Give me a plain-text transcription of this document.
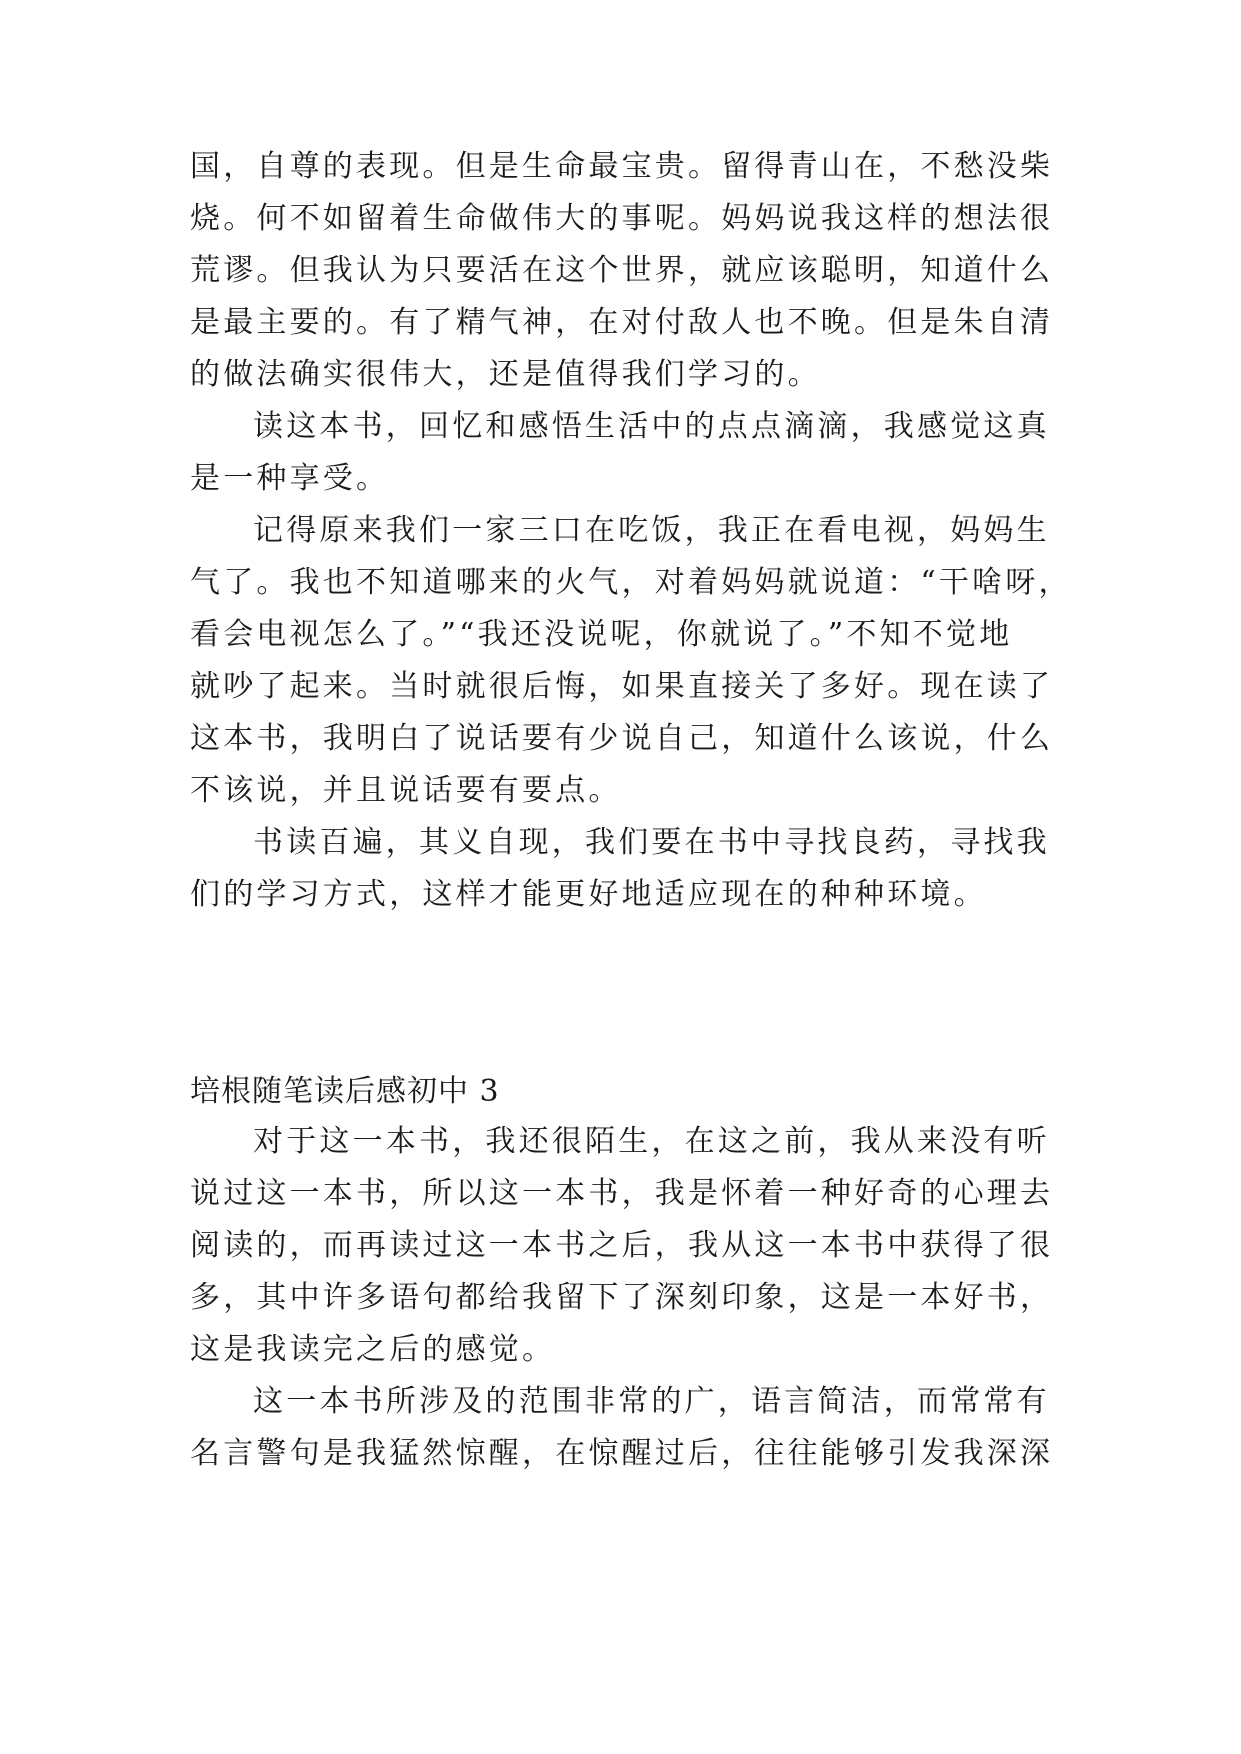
国，自尊的表现。但是生命最宝贵。留得青山在，不愁没柴
烧。何不如留着生命做伟大的事呢。妈妈说我这样的想法很
荒谬。但我认为只要活在这个世界，就应该聪明，知道什么
是最主要的。有了精气神，在对付敌人也不晚。但是朱自清
的做法确实很伟大，还是值得我们学习的。
读这本书，回忆和感悟生活中的点点滴滴，我感觉这真
是一种享受。
记得原来我们一家三口在吃饭，我正在看电视，妈妈生
气了。我也不知道哪来的火气，对着妈妈就说道：“干啥呀，
看会电视怎么了。”“我还没说呢，你就说了。”不知不觉地
就吵了起来。当时就很后悔，如果直接关了多好。现在读了
这本书，我明白了说话要有少说自己，知道什么该说，什么
不该说，并且说话要有要点。
书读百遍，其义自现，我们要在书中寻找良药，寻找我
们的学习方式，这样才能更好地适应现在的种种环境。
培根随笔读后感初中 3
对于这一本书，我还很陌生，在这之前，我从来没有听
说过这一本书，所以这一本书，我是怀着一种好奇的心理去
阅读的，而再读过这一本书之后，我从这一本书中获得了很
多，其中许多语句都给我留下了深刻印象，这是一本好书，
这是我读完之后的感觉。
这一本书所涉及的范围非常的广，语言简洁，而常常有
名言警句是我猛然惊醒，在惊醒过后，往往能够引发我深深
